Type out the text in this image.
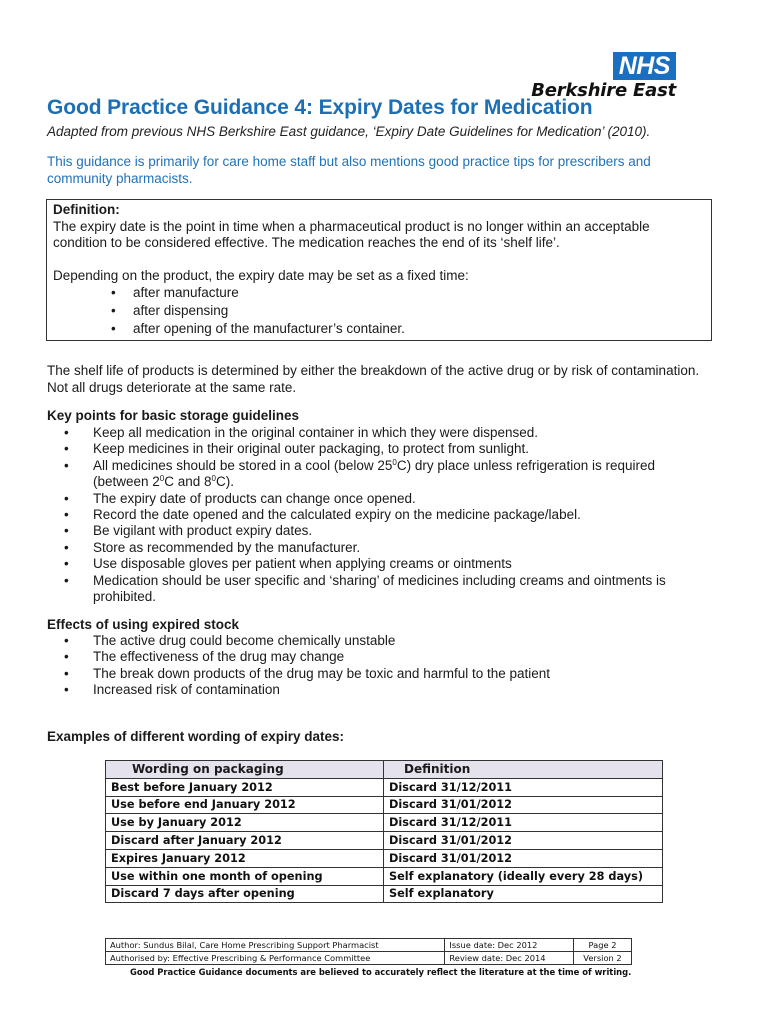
NHS
Berkshire East
Good Practice Guidance 4: Expiry Dates for Medication
Adapted from previous NHS Berkshire East guidance, ‘Expiry Date Guidelines for Medication’ (2010).
This guidance is primarily for care home staff but also mentions good practice tips for prescribers and community pharmacists.
Definition:
The expiry date is the point in time when a pharmaceutical product is no longer within an acceptable condition to be considered effective. The medication reaches the end of its ‘shelf life’.
Depending on the product, the expiry date may be set as a fixed time:
• after manufacture
• after dispensing
• after opening of the manufacturer’s container.
The shelf life of products is determined by either the breakdown of the active drug or by risk of contamination. Not all drugs deteriorate at the same rate.
Key points for basic storage guidelines
• Keep all medication in the original container in which they were dispensed.
• Keep medicines in their original outer packaging, to protect from sunlight.
• All medicines should be stored in a cool (below $25^0C$) dry place unless refrigeration is required (between $2^0C$ and $8^0C$).
• The expiry date of products can change once opened.
• Record the date opened and the calculated expiry on the medicine package/label.
• Be vigilant with product expiry dates.
• Store as recommended by the manufacturer.
• Use disposable gloves per patient when applying creams or ointments
• Medication should be user specific and ‘sharing’ of medicines including creams and ointments is prohibited.
Effects of using expired stock
• The active drug could become chemically unstable
• The effectiveness of the drug may change
• The break down products of the drug may be toxic and harmful to the patient
• Increased risk of contamination
Examples of different wording of expiry dates:
Wording on packaging	Definition
Best before January 2012	Discard 31/12/2011
Use before end January 2012	Discard 31/01/2012
Use by January 2012	Discard 31/12/2011
Discard after January 2012	Discard 31/01/2012
Expires January 2012	Discard 31/01/2012
Use within one month of opening	Self explanatory (ideally every 28 days)
Discard 7 days after opening	Self explanatory
Author: Sundus Bilal, Care Home Prescribing Support Pharmacist	Issue date: Dec 2012	Page 2
Authorised by: Effective Prescribing & Performance Committee	Review date: Dec 2014	Version 2
Good Practice Guidance documents are believed to accurately reflect the literature at the time of writing.
